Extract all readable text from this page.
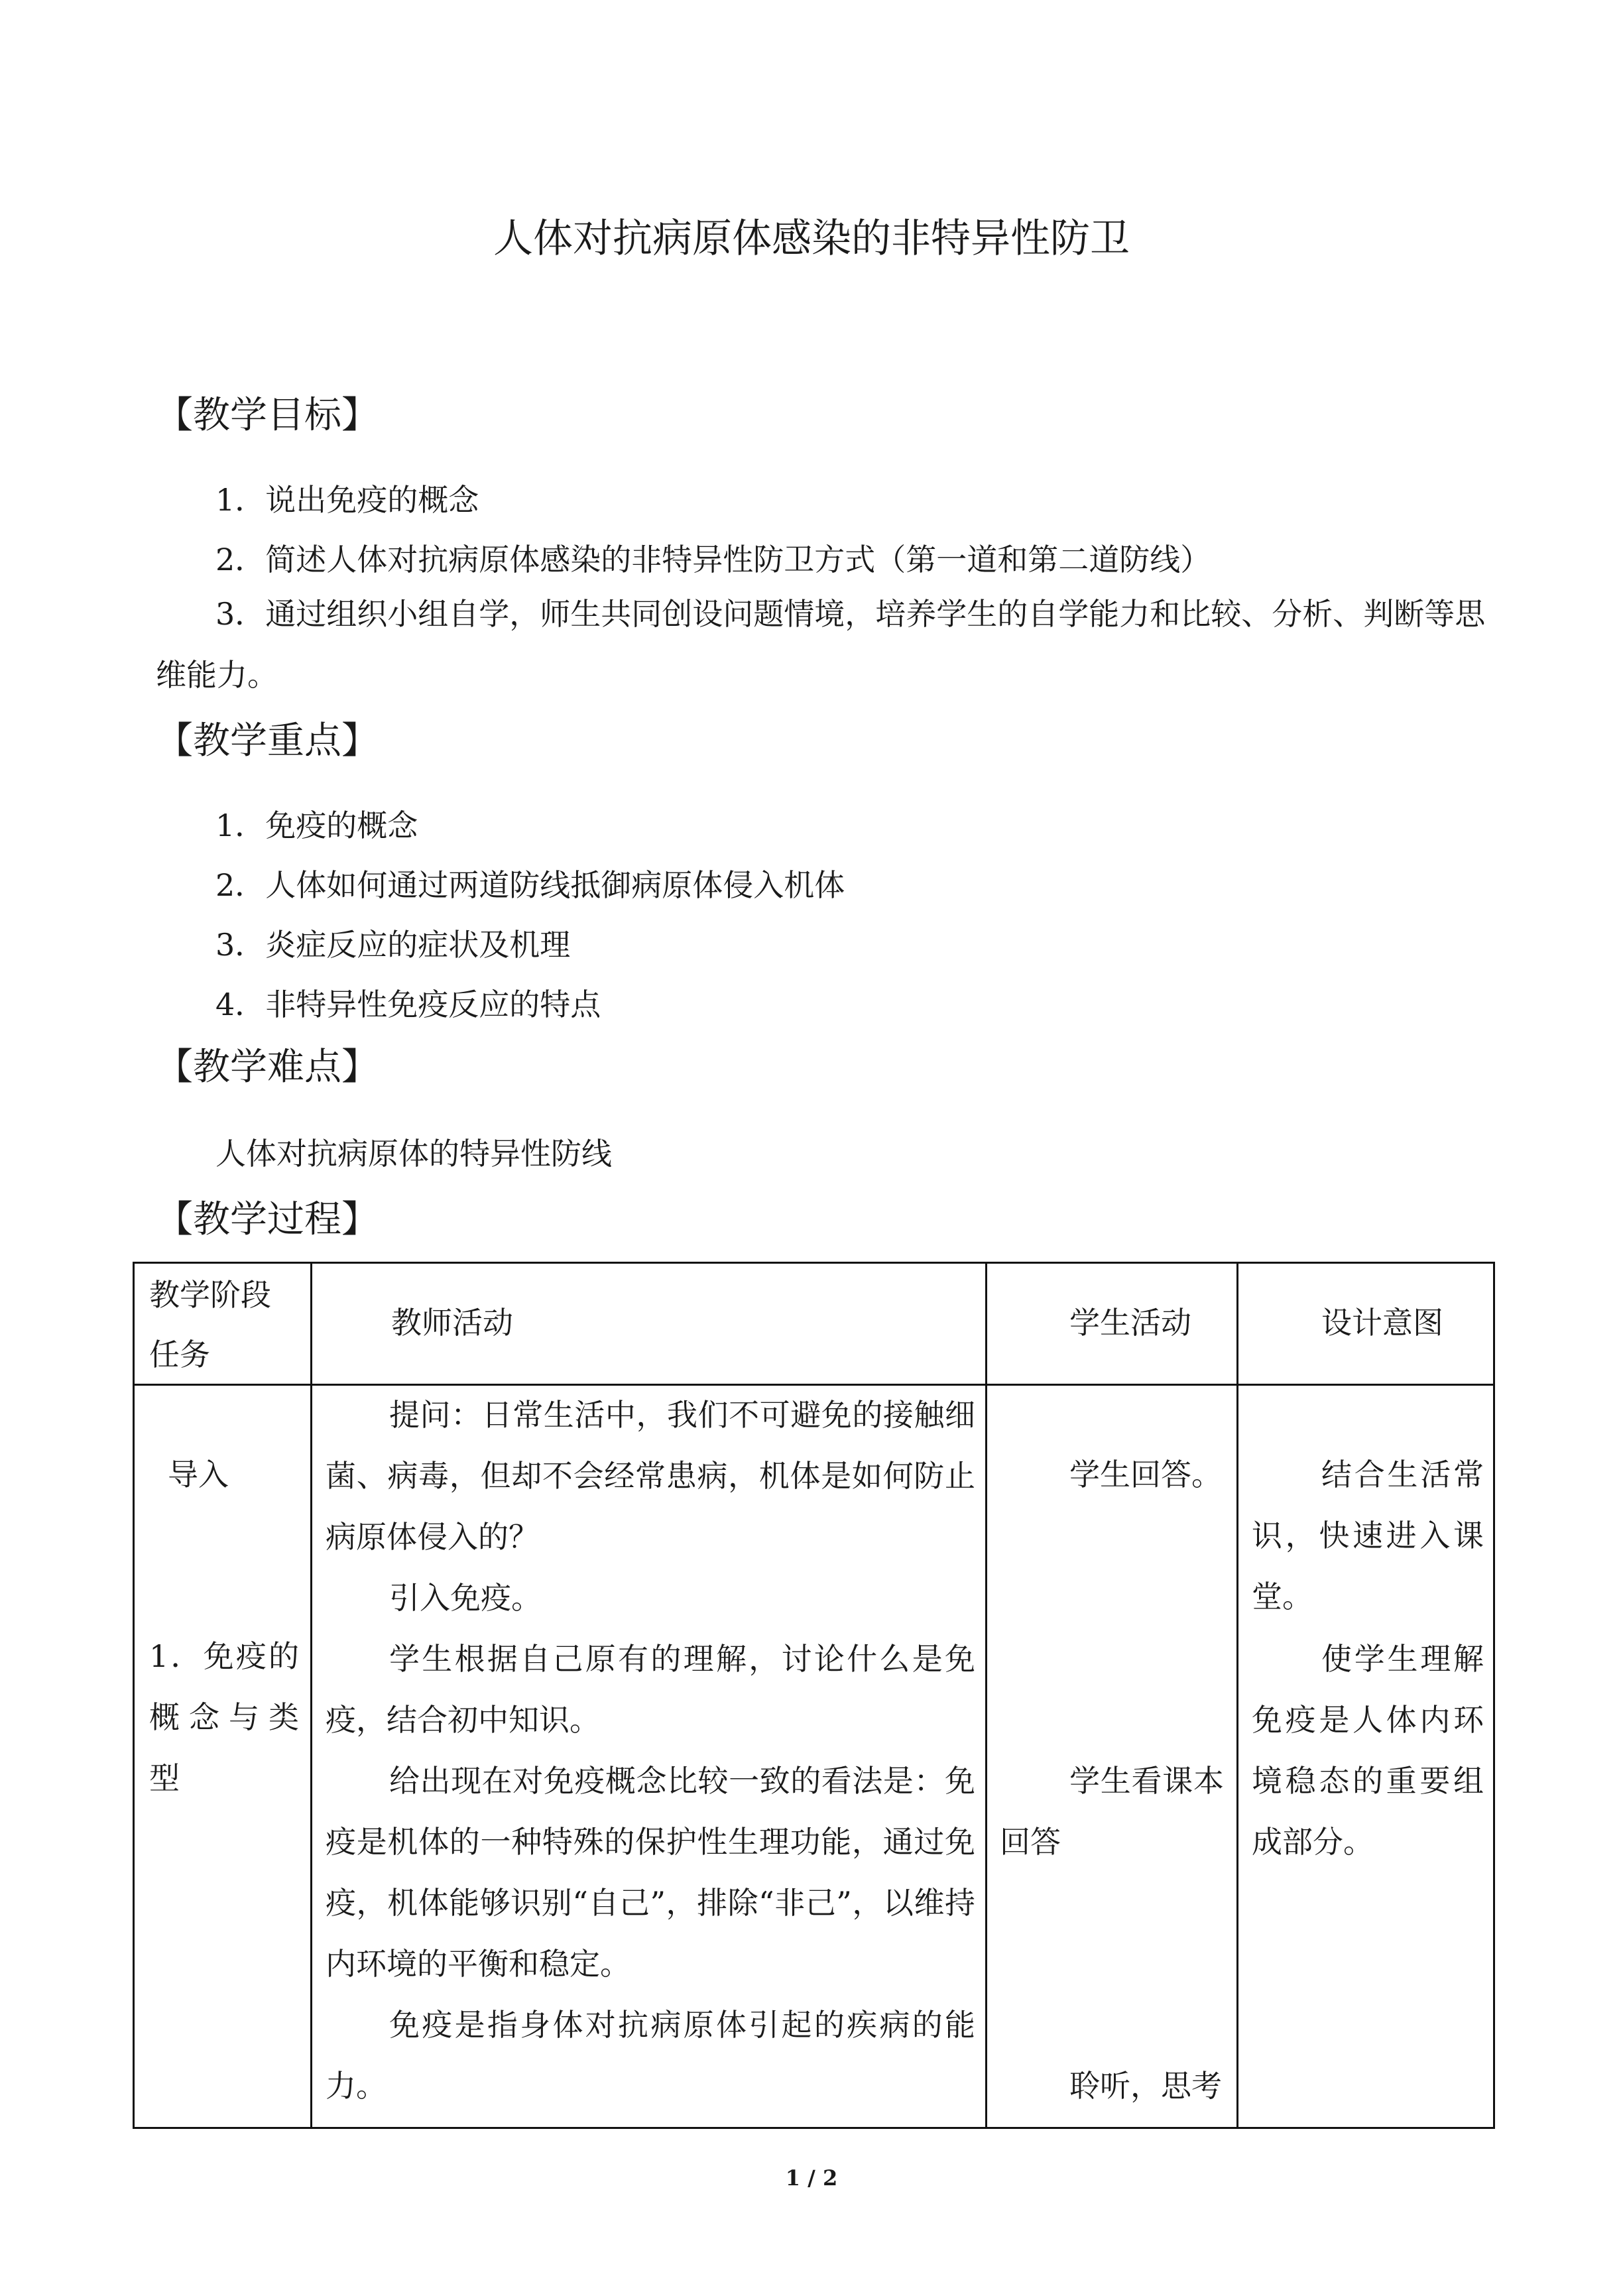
人体对抗病原体感染的非特异性防卫
【教学目标】
1．说出免疫的概念
2．简述人体对抗病原体感染的非特异性防卫方式（第一道和第二道防线）
3．通过组织小组自学，师生共同创设问题情境，培养学生的自学能力和比较、分析、判断等思维能力。
【教学重点】
1．免疫的概念
2．人体如何通过两道防线抵御病原体侵入机体
3．炎症反应的症状及机理
4．非特异性免疫反应的特点
【教学难点】
人体对抗病原体的特异性防线
【教学过程】
教学阶段任务
教师活动	学生活动	设计意图
导入
1．免疫的概念与类型
提问：日常生活中，我们不可避免的接触细菌、病毒，但却不会经常患病，机体是如何防止病原体侵入的？
引入免疫。
学生根据自己原有的理解，讨论什么是免疫，结合初中知识。
给出现在对免疫概念比较一致的看法是：免疫是机体的一种特殊的保护性生理功能，通过免疫，机体能够识别“自己”，排除“非己”，以维持内环境的平衡和稳定。
免疫是指身体对抗病原体引起的疾病的能力。
学生回答。
学生看课本回答
聆听，思考
结合生活常识，快速进入课堂。
使学生理解免疫是人体内环境稳态的重要组成部分。
1 / 2
